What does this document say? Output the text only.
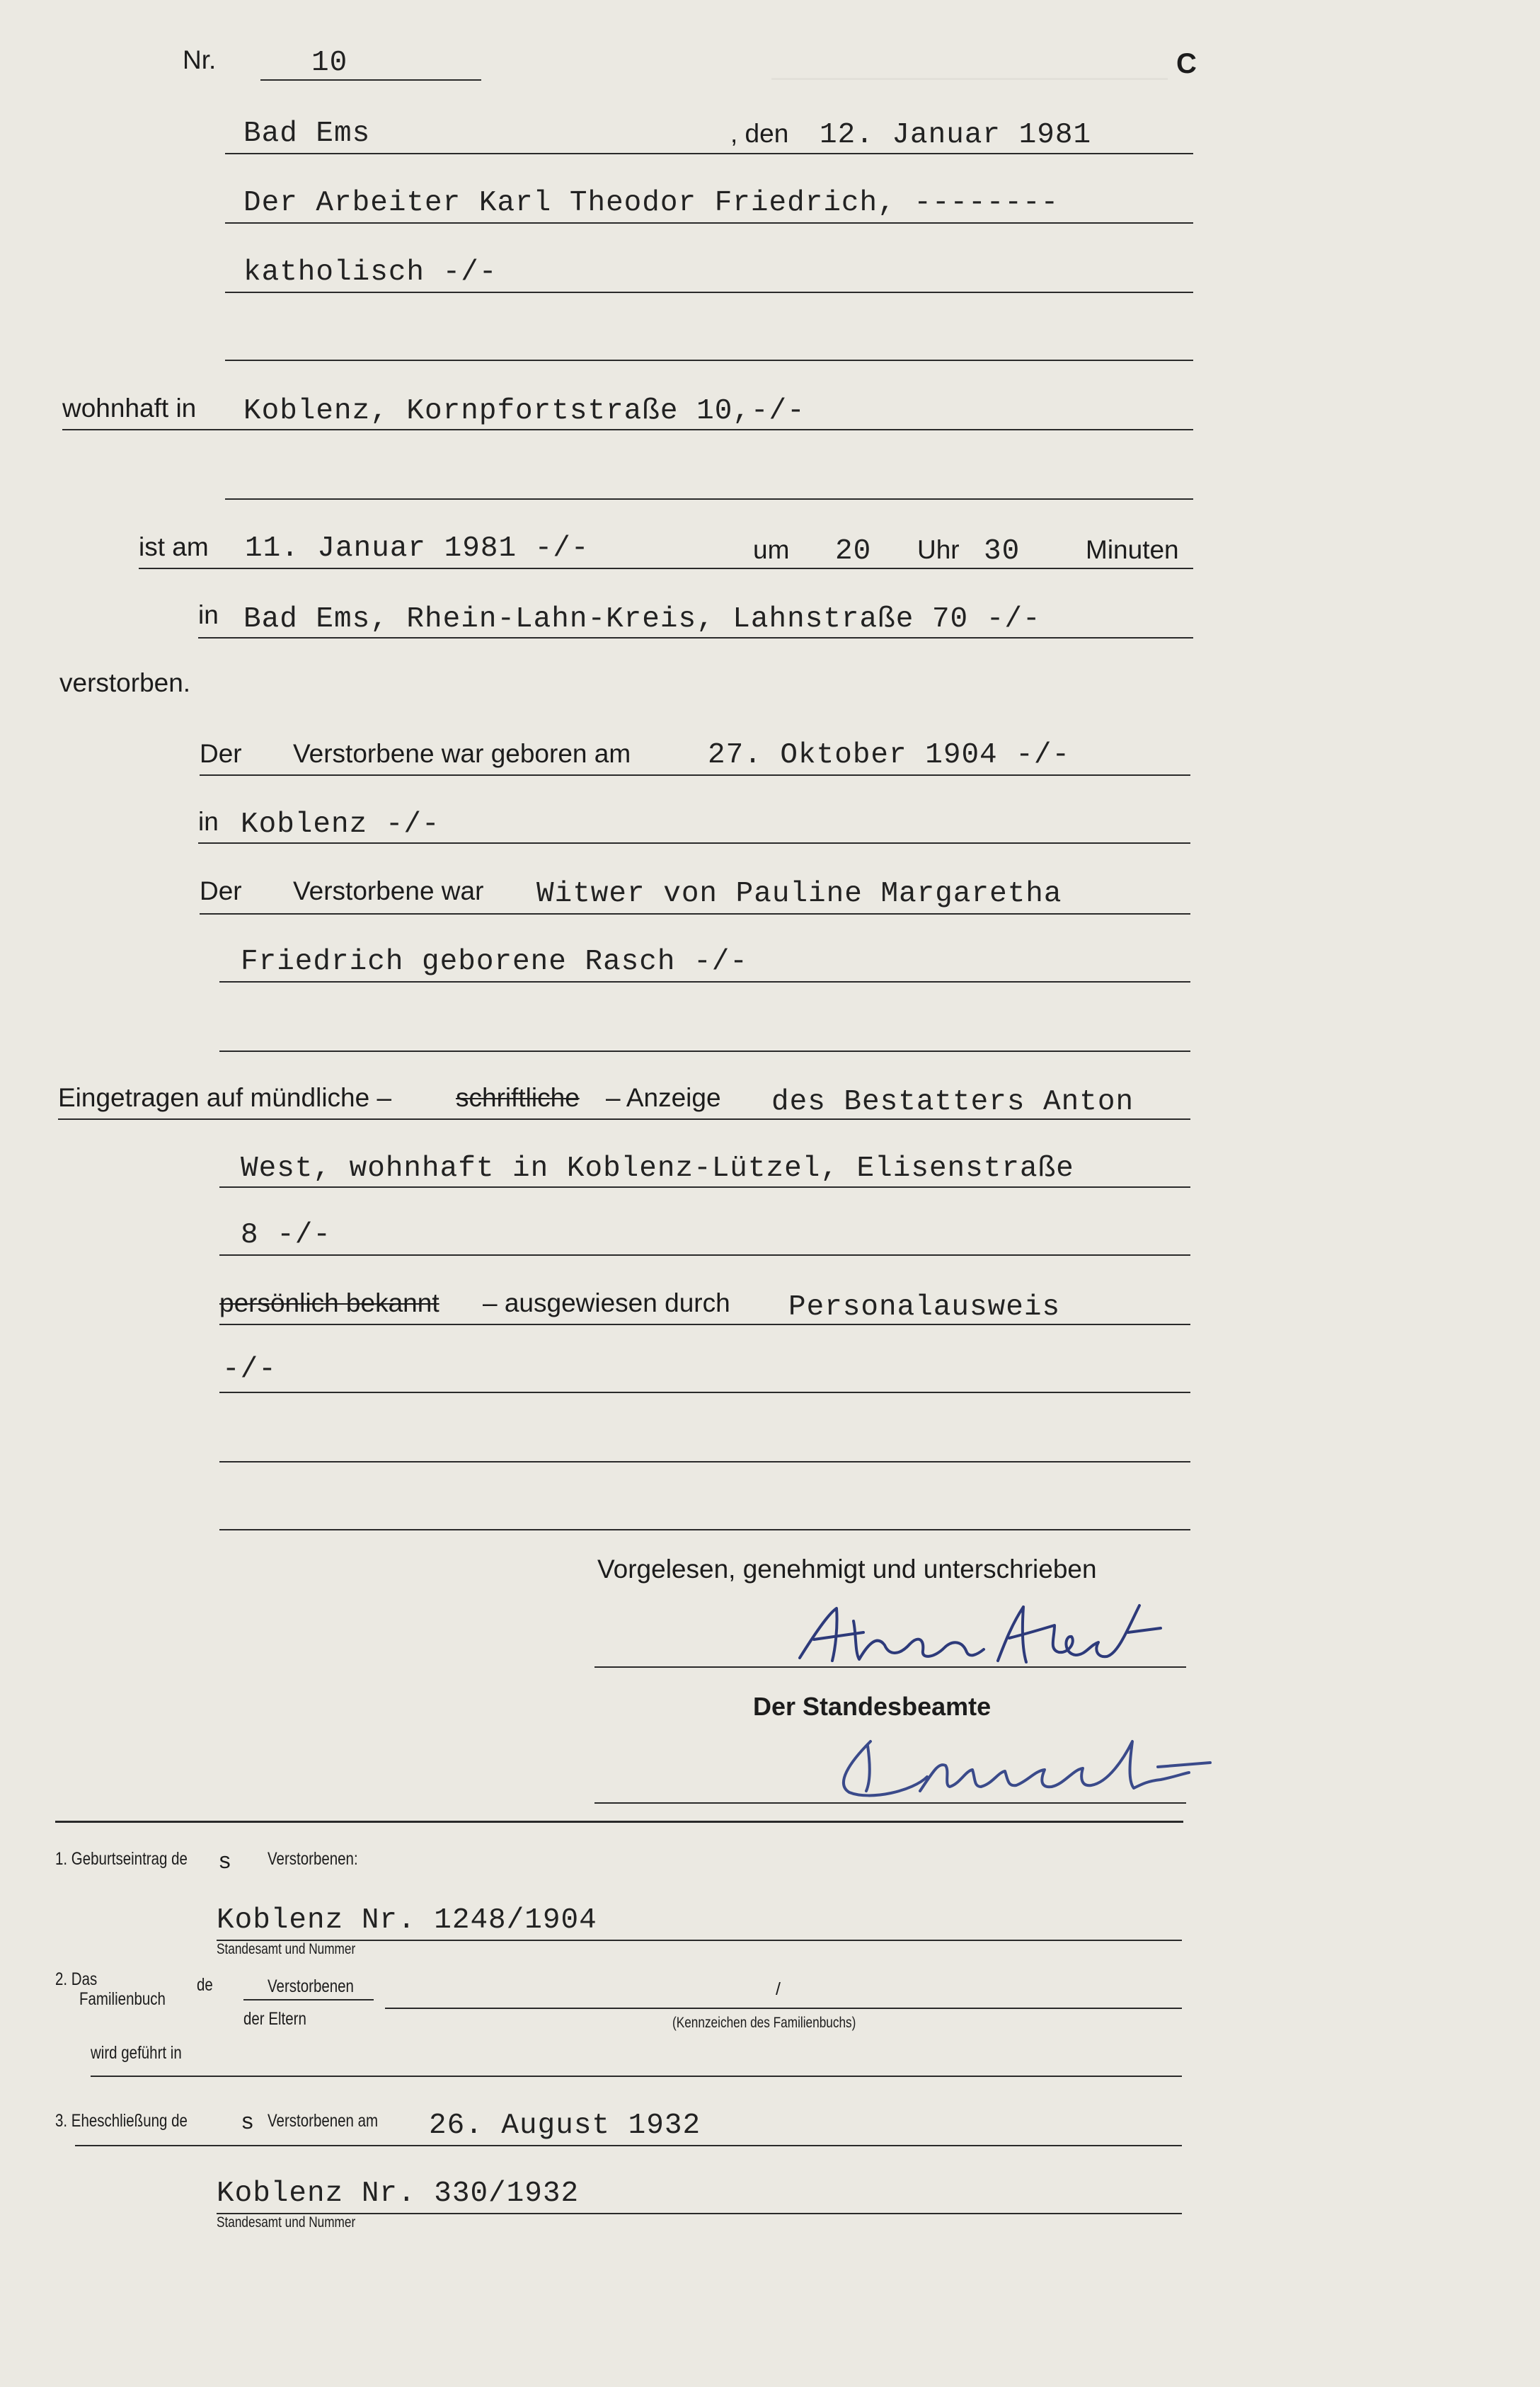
Nr.	10	C
Bad Ems	, den 12. Januar 1981
Der Arbeiter Karl Theodor Friedrich, --------
katholisch -/-
wohnhaft in Koblenz, Kornpfortstraße 10,-/-
ist am 11. Januar 1981 -/-	um 20 Uhr 30	Minuten
in Bad Ems, Rhein-Lahn-Kreis, Lahnstraße 70 -/-
verstorben.
Der Verstorbene war geboren am	27. Oktober 1904 -/-
in Koblenz -/-
Der Verstorbene war Witwer von Pauline Margaretha
Friedrich geborene Rasch -/-
Eingetragen auf mündliche – schriftliche – Anzeige des Bestatters Anton
West, wohnhaft in Koblenz-Lützel, Elisenstraße
8 -/-
persönlich bekannt – ausgewiesen durch Personalausweis
-/-
Vorgelesen, genehmigt und unterschrieben
Der Standesbeamte
1. Geburtseintrag de s Verstorbenen:
Koblenz Nr. 1248/1904
Standesamt und Nummer
2. Das
Familienbuch
de	Verstorbenen
der Eltern
/
(Kennzeichen des Familienbuchs)
wird geführt in
3. Eheschließung de s Verstorbenen am 26. August 1932
Koblenz Nr. 330/1932
Standesamt und Nummer
